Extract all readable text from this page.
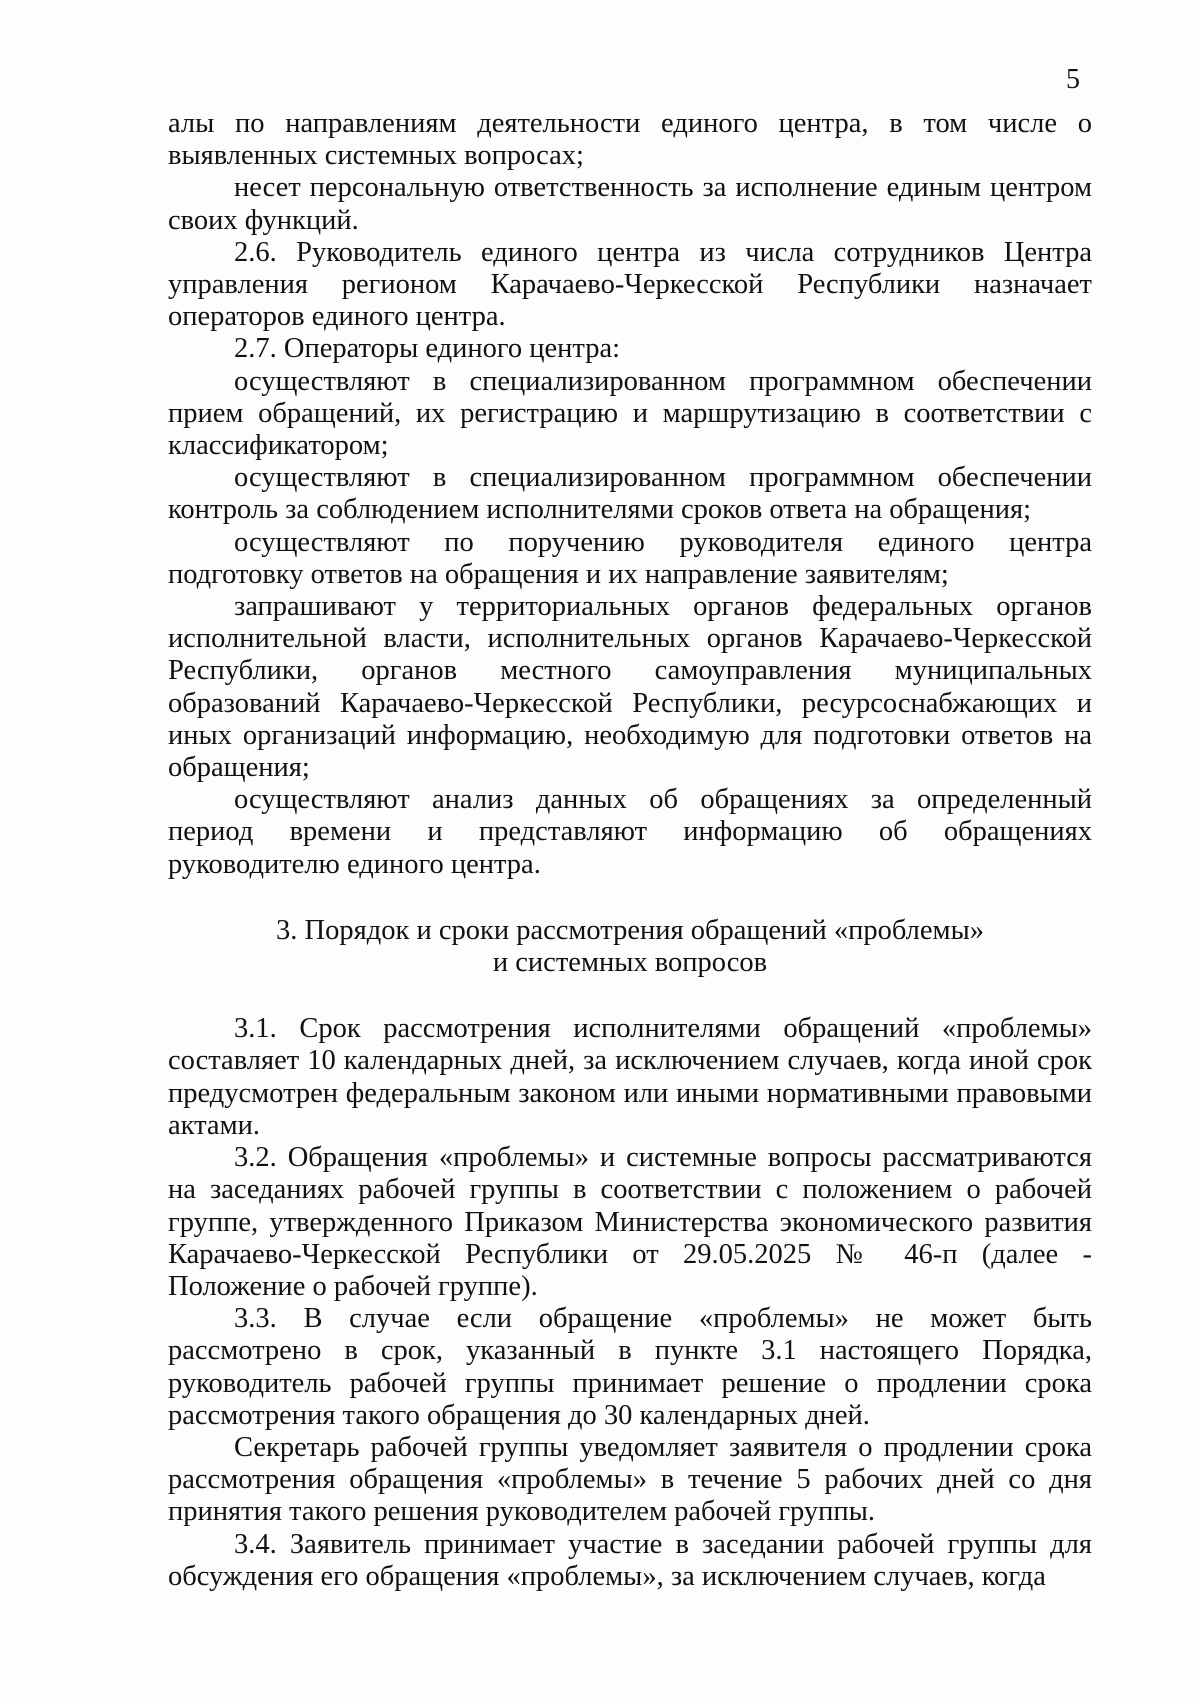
5

алы по направлениям деятельности единого центра, в том числе о выявленных системных вопросах;

несет персональную ответственность за исполнение единым центром своих функций.

2.6. Руководитель единого центра из числа сотрудников Центра управления регионом Карачаево-Черкесской Республики назначает операторов единого центра.

2.7. Операторы единого центра:

осуществляют в специализированном программном обеспечении прием обращений, их регистрацию и маршрутизацию в соответствии с классификатором;

осуществляют в специализированном программном обеспечении контроль за соблюдением исполнителями сроков ответа на обращения;

осуществляют по поручению руководителя единого центра подготовку ответов на обращения и их направление заявителям;

запрашивают у территориальных органов федеральных органов исполнительной власти, исполнительных органов Карачаево-Черкесской Республики, органов местного самоуправления муниципальных образований Карачаево-Черкесской Республики, ресурсоснабжающих и иных организаций информацию, необходимую для подготовки ответов на обращения;

осуществляют анализ данных об обращениях за определенный период времени и представляют информацию об обращениях руководителю единого центра.

3. Порядок и сроки рассмотрения обращений «проблемы»
и системных вопросов

3.1. Срок рассмотрения исполнителями обращений «проблемы» составляет 10 календарных дней, за исключением случаев, когда иной срок предусмотрен федеральным законом или иными нормативными правовыми актами.

3.2. Обращения «проблемы» и системные вопросы рассматриваются на заседаниях рабочей группы в соответствии с положением о рабочей группе, утвержденного Приказом Министерства экономического развития Карачаево-Черкесской Республики от 29.05.2025 № 46-п (далее - Положение о рабочей группе).

3.3. В случае если обращение «проблемы» не может быть рассмотрено в срок, указанный в пункте 3.1 настоящего Порядка, руководитель рабочей группы принимает решение о продлении срока рассмотрения такого обращения до 30 календарных дней.

Секретарь рабочей группы уведомляет заявителя о продлении срока рассмотрения обращения «проблемы» в течение 5 рабочих дней со дня принятия такого решения руководителем рабочей группы.

3.4. Заявитель принимает участие в заседании рабочей группы для обсуждения его обращения «проблемы», за исключением случаев, когда
